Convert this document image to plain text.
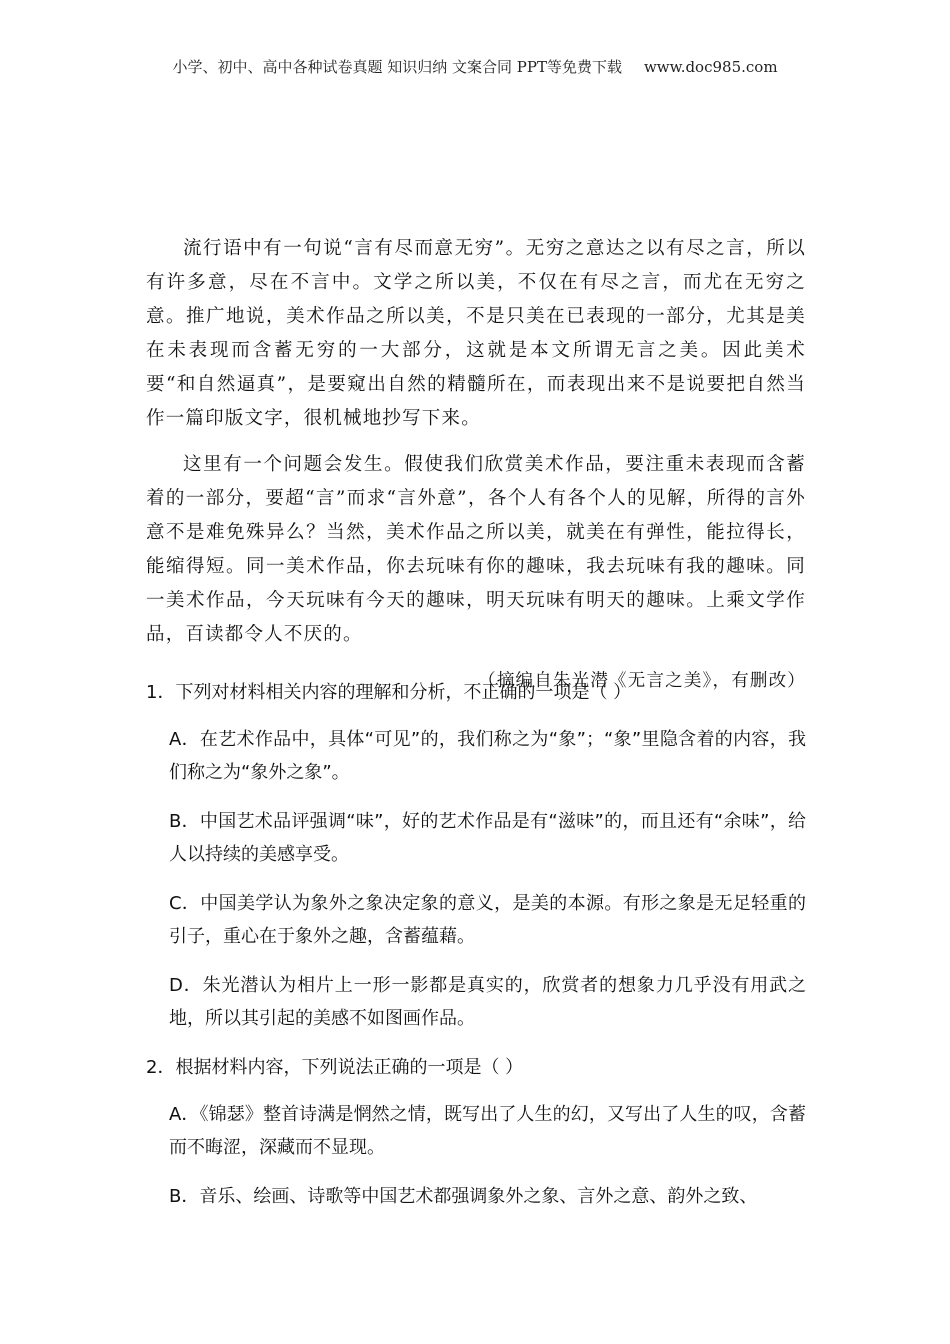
小学、初中、高中各种试卷真题 知识归纳 文案合同 PPT等免费下载 www.doc985.com

流行语中有一句说“言有尽而意无穷”。无穷之意达之以有尽之言，所以有许多意，尽在不言中。文学之所以美，不仅在有尽之言，而尤在无穷之意。推广地说，美术作品之所以美，不是只美在已表现的一部分，尤其是美在未表现而含蓄无穷的一大部分，这就是本文所谓无言之美。因此美术要“和自然逼真”，是要窥出自然的精髓所在，而表现出来不是说要把自然当作一篇印版文字，很机械地抄写下来。

这里有一个问题会发生。假使我们欣赏美术作品，要注重未表现而含蓄着的一部分，要超“言”而求“言外意”，各个人有各个人的见解，所得的言外意不是难免殊异么？当然，美术作品之所以美，就美在有弹性，能拉得长，能缩得短。同一美术作品，你去玩味有你的趣味，我去玩味有我的趣味。同一美术作品，今天玩味有今天的趣味，明天玩味有明天的趣味。上乘文学作品，百读都令人不厌的。

（摘编自朱光潜《无言之美》，有删改）
1．下列对材料相关内容的理解和分析，不正确的一项是（ ）
A．在艺术作品中，具体“可见”的，我们称之为“象”；“象”里隐含着的内容，我们称之为“象外之象”。
B．中国艺术品评强调“味”，好的艺术作品是有“滋味”的，而且还有“余味”，给人以持续的美感享受。
C．中国美学认为象外之象决定象的意义，是美的本源。有形之象是无足轻重的引子，重心在于象外之趣，含蓄蕴藉。
D．朱光潜认为相片上一形一影都是真实的，欣赏者的想象力几乎没有用武之地，所以其引起的美感不如图画作品。
2．根据材料内容，下列说法正确的一项是（ ）
A．《锦瑟》整首诗满是惘然之情，既写出了人生的幻，又写出了人生的叹，含蓄而不晦涩，深藏而不显现。
B．音乐、绘画、诗歌等中国艺术都强调象外之象、言外之意、韵外之致、
